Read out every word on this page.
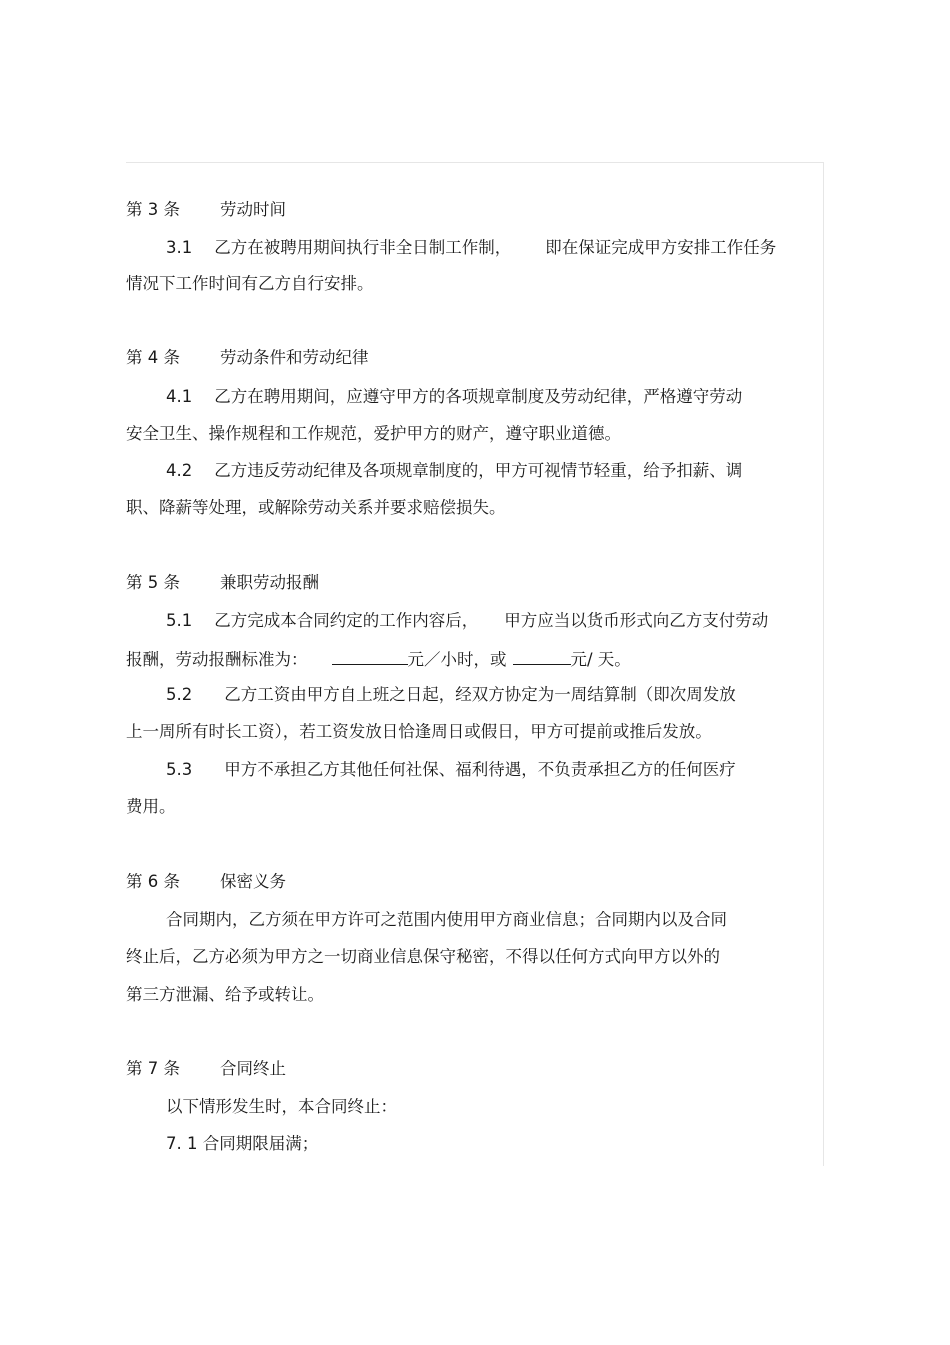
第 3 条 劳动时间
3.1 乙方在被聘用期间执行非全日制工作制， 即在保证完成甲方安排工作任务
情况下工作时间有乙方自行安排。
第 4 条 劳动条件和劳动纪律
4.1 乙方在聘用期间，应遵守甲方的各项规章制度及劳动纪律，严格遵守劳动
安全卫生、操作规程和工作规范，爱护甲方的财产，遵守职业道德。
4.2 乙方违反劳动纪律及各项规章制度的，甲方可视情节轻重，给予扣薪、调
职、降薪等处理，或解除劳动关系并要求赔偿损失。
第 5 条 兼职劳动报酬
5.1 乙方完成本合同约定的工作内容后， 甲方应当以货币形式向乙方支付劳动
报酬，劳动报酬标准为：	元／小时，或	元/ 天。
5.2 乙方工资由甲方自上班之日起，经双方协定为一周结算制（即次周发放
上一周所有时长工资），若工资发放日恰逢周日或假日，甲方可提前或推后发放。
5.3 甲方不承担乙方其他任何社保、福利待遇，不负责承担乙方的任何医疗
费用。
第 6 条 保密义务
合同期内，乙方须在甲方许可之范围内使用甲方商业信息；合同期内以及合同
终止后，乙方必须为甲方之一切商业信息保守秘密，不得以任何方式向甲方以外的
第三方泄漏、给予或转让。
第 7 条 合同终止
以下情形发生时，本合同终止：
7. 1 合同期限届满；
